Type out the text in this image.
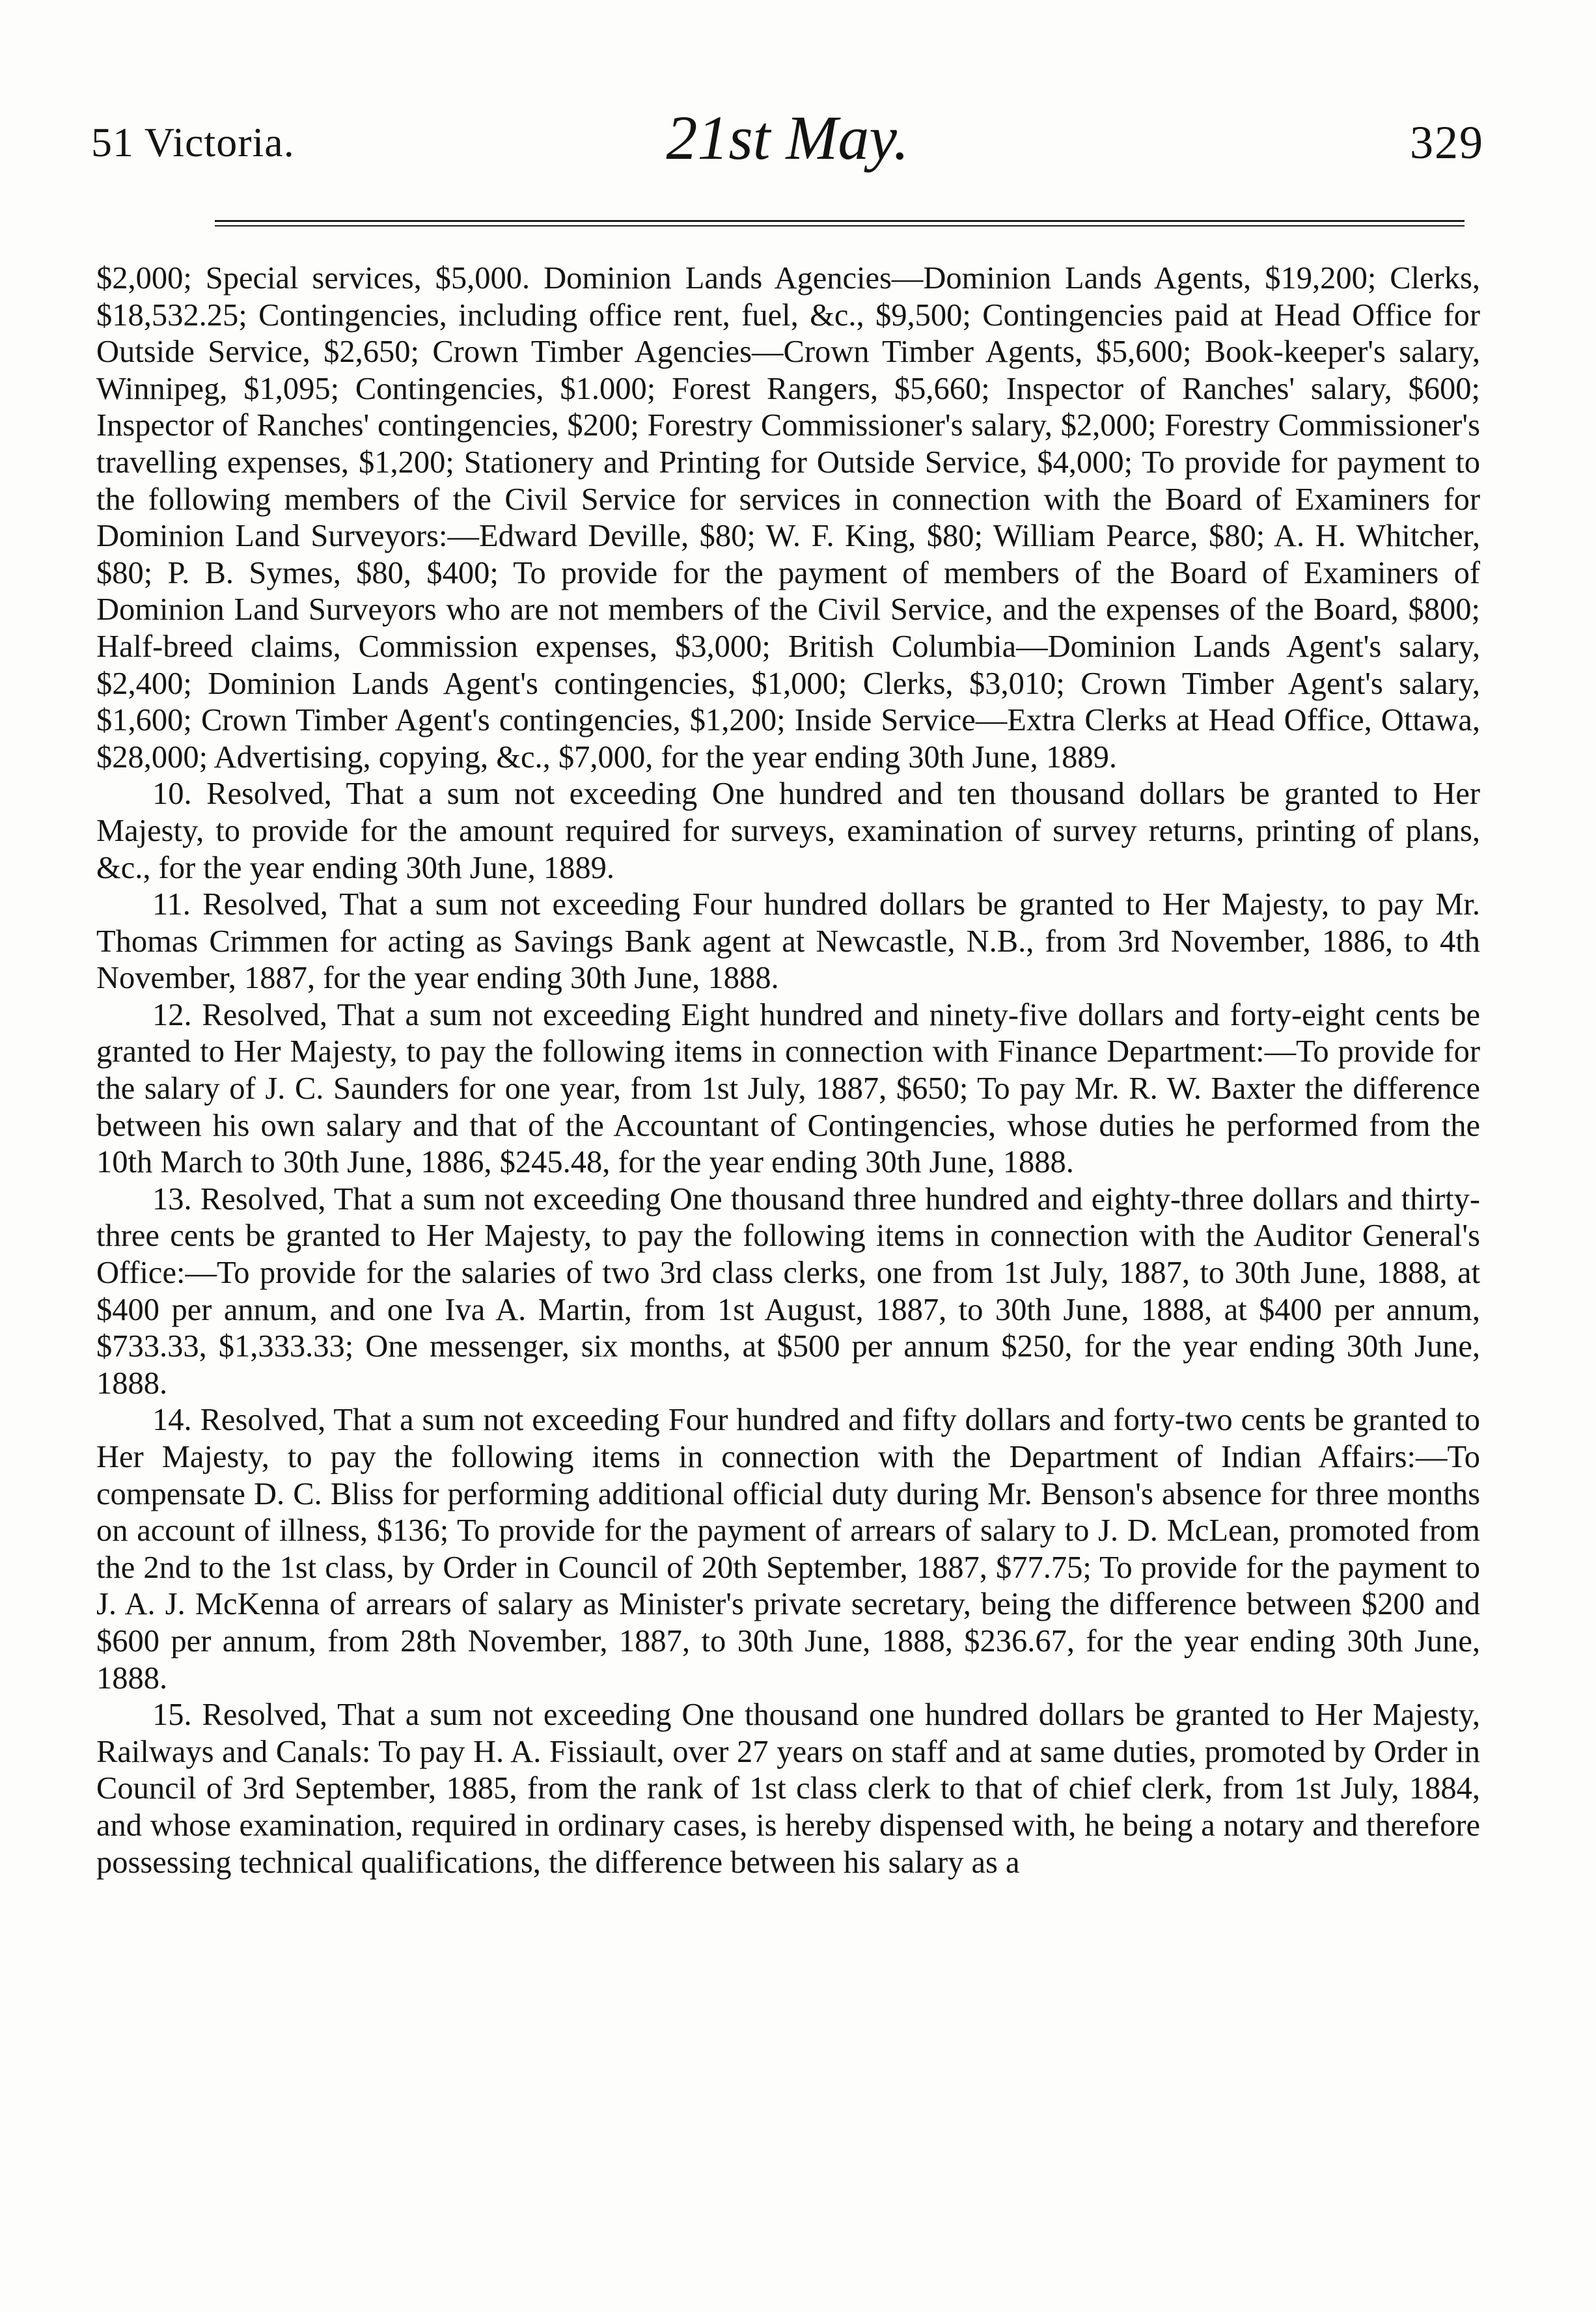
51 Victoria.	21st May.	329

$2,000; Special services, $5,000. Dominion Lands Agencies—Dominion Lands Agents, $19,200; Clerks, $18,532.25; Contingencies, including office rent, fuel, &c., $9,500; Contingencies paid at Head Office for Outside Service, $2,650; Crown Timber Agencies—Crown Timber Agents, $5,600; Book-keeper's salary, Winnipeg, $1,095; Contingencies, $1.000; Forest Rangers, $5,660; Inspector of Ranches' salary, $600; Inspector of Ranches' contingencies, $200; Forestry Commissioner's salary, $2,000; Forestry Commissioner's travelling expenses, $1,200; Stationery and Printing for Outside Service, $4,000; To provide for payment to the following members of the Civil Service for services in connection with the Board of Examiners for Dominion Land Surveyors:—Edward Deville, $80; W. F. King, $80; William Pearce, $80; A. H. Whitcher, $80; P. B. Symes, $80, $400; To provide for the payment of members of the Board of Examiners of Dominion Land Surveyors who are not members of the Civil Service, and the expenses of the Board, $800; Half-breed claims, Commission expenses, $3,000; British Columbia—Dominion Lands Agent's salary, $2,400; Dominion Lands Agent's contingencies, $1,000; Clerks, $3,010; Crown Timber Agent's salary, $1,600; Crown Timber Agent's contingencies, $1,200; Inside Service—Extra Clerks at Head Office, Ottawa, $28,000; Advertising, copying, &c., $7,000, for the year ending 30th June, 1889.

10. Resolved, That a sum not exceeding One hundred and ten thousand dollars be granted to Her Majesty, to provide for the amount required for surveys, examination of survey returns, printing of plans, &c., for the year ending 30th June, 1889.

11. Resolved, That a sum not exceeding Four hundred dollars be granted to Her Majesty, to pay Mr. Thomas Crimmen for acting as Savings Bank agent at Newcastle, N.B., from 3rd November, 1886, to 4th November, 1887, for the year ending 30th June, 1888.

12. Resolved, That a sum not exceeding Eight hundred and ninety-five dollars and forty-eight cents be granted to Her Majesty, to pay the following items in connection with Finance Department:—To provide for the salary of J. C. Saunders for one year, from 1st July, 1887, $650; To pay Mr. R. W. Baxter the difference between his own salary and that of the Accountant of Contingencies, whose duties he performed from the 10th March to 30th June, 1886, $245.48, for the year ending 30th June, 1888.

13. Resolved, That a sum not exceeding One thousand three hundred and eighty-three dollars and thirty-three cents be granted to Her Majesty, to pay the following items in connection with the Auditor General's Office:—To provide for the salaries of two 3rd class clerks, one from 1st July, 1887, to 30th June, 1888, at $400 per annum, and one Iva A. Martin, from 1st August, 1887, to 30th June, 1888, at $400 per annum, $733.33, $1,333.33; One messenger, six months, at $500 per annum $250, for the year ending 30th June, 1888.

14. Resolved, That a sum not exceeding Four hundred and fifty dollars and forty-two cents be granted to Her Majesty, to pay the following items in connection with the Department of Indian Affairs:—To compensate D. C. Bliss for performing additional official duty during Mr. Benson's absence for three months on account of illness, $136; To provide for the payment of arrears of salary to J. D. McLean, promoted from the 2nd to the 1st class, by Order in Council of 20th September, 1887, $77.75; To provide for the payment to J. A. J. McKenna of arrears of salary as Minister's private secretary, being the difference between $200 and $600 per annum, from 28th November, 1887, to 30th June, 1888, $236.67, for the year ending 30th June, 1888.

15. Resolved, That a sum not exceeding One thousand one hundred dollars be granted to Her Majesty, Railways and Canals: To pay H. A. Fissiault, over 27 years on staff and at same duties, promoted by Order in Council of 3rd September, 1885, from the rank of 1st class clerk to that of chief clerk, from 1st July, 1884, and whose examination, required in ordinary cases, is hereby dispensed with, he being a notary and therefore possessing technical qualifications, the difference between his salary as a
